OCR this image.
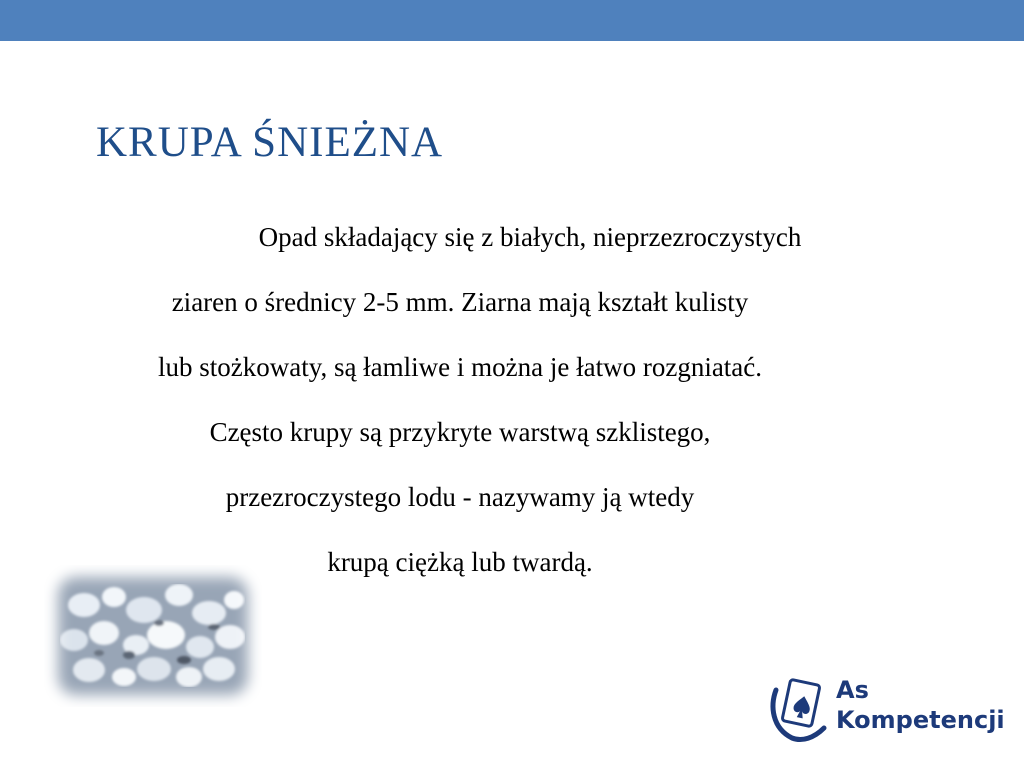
KRUPA ŚNIEŻNA
Opad składający się z białych, nieprzezroczystych
ziaren o średnicy 2-5 mm. Ziarna mają kształt kulisty
lub stożkowaty, są łamliwe i można je łatwo rozgniatać.
Często krupy są przykryte warstwą szklistego,
przezroczystego lodu - nazywamy ją wtedy
krupą ciężką lub twardą.
As
Kompetencji
